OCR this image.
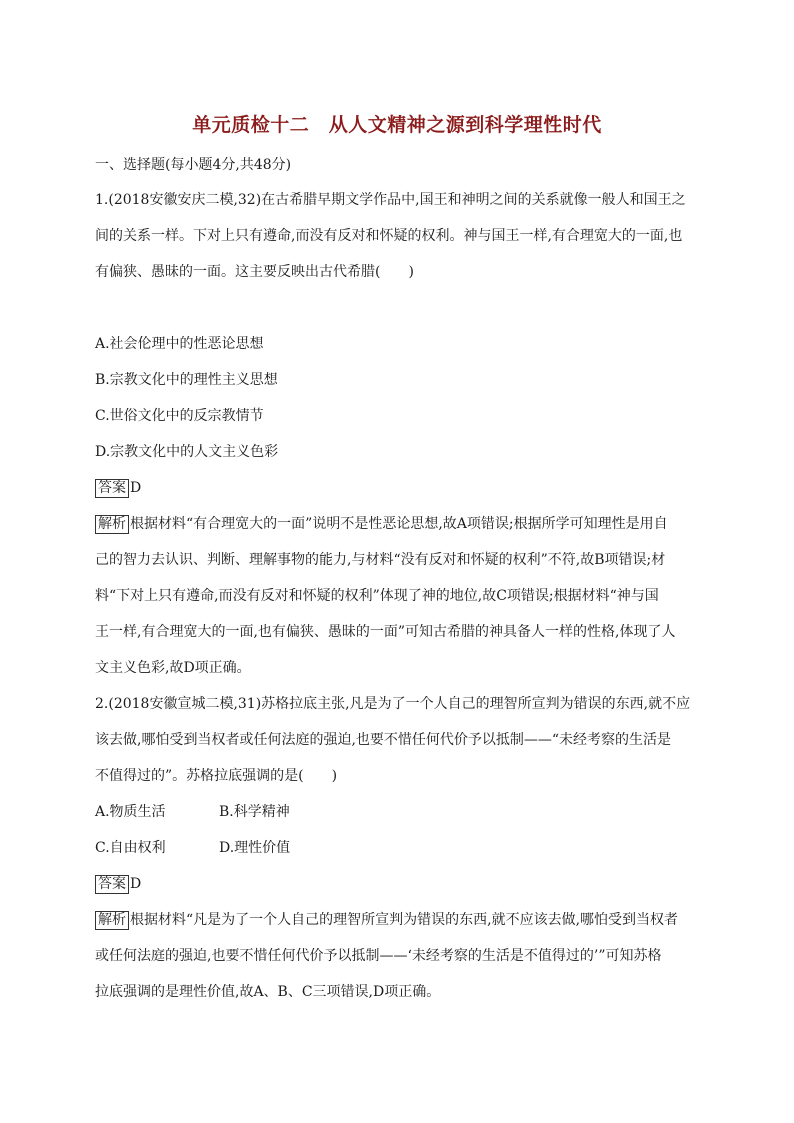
单元质检十二　从人文精神之源到科学理性时代
一、选择题(每小题4分,共48分)
1.(2018安徽安庆二模,32)在古希腊早期文学作品中,国王和神明之间的关系就像一般人和国王之
间的关系一样。下对上只有遵命,而没有反对和怀疑的权利。神与国王一样,有合理宽大的一面,也
有偏狭、愚昧的一面。这主要反映出古代希腊(　　)
A.社会伦理中的性恶论思想
B.宗教文化中的理性主义思想
C.世俗文化中的反宗教情节
D.宗教文化中的人文主义色彩
答案 D
解析 根据材料“有合理宽大的一面”说明不是性恶论思想,故A项错误;根据所学可知理性是用自
己的智力去认识、判断、理解事物的能力,与材料“没有反对和怀疑的权利”不符,故B项错误;材
料“下对上只有遵命,而没有反对和怀疑的权利”体现了神的地位,故C项错误;根据材料“神与国
王一样,有合理宽大的一面,也有偏狭、愚昧的一面”可知古希腊的神具备人一样的性格,体现了人
文主义色彩,故D项正确。
2.(2018安徽宣城二模,31)苏格拉底主张,凡是为了一个人自己的理智所宣判为错误的东西,就不应
该去做,哪怕受到当权者或任何法庭的强迫,也要不惜任何代价予以抵制——“未经考察的生活是
不值得过的”。苏格拉底强调的是(　　)
A.物质生活	B.科学精神
C.自由权利	D.理性价值
答案 D
解析 根据材料“凡是为了一个人自己的理智所宣判为错误的东西,就不应该去做,哪怕受到当权者
或任何法庭的强迫,也要不惜任何代价予以抵制——‘未经考察的生活是不值得过的’”可知苏格
拉底强调的是理性价值,故A、B、C三项错误,D项正确。
